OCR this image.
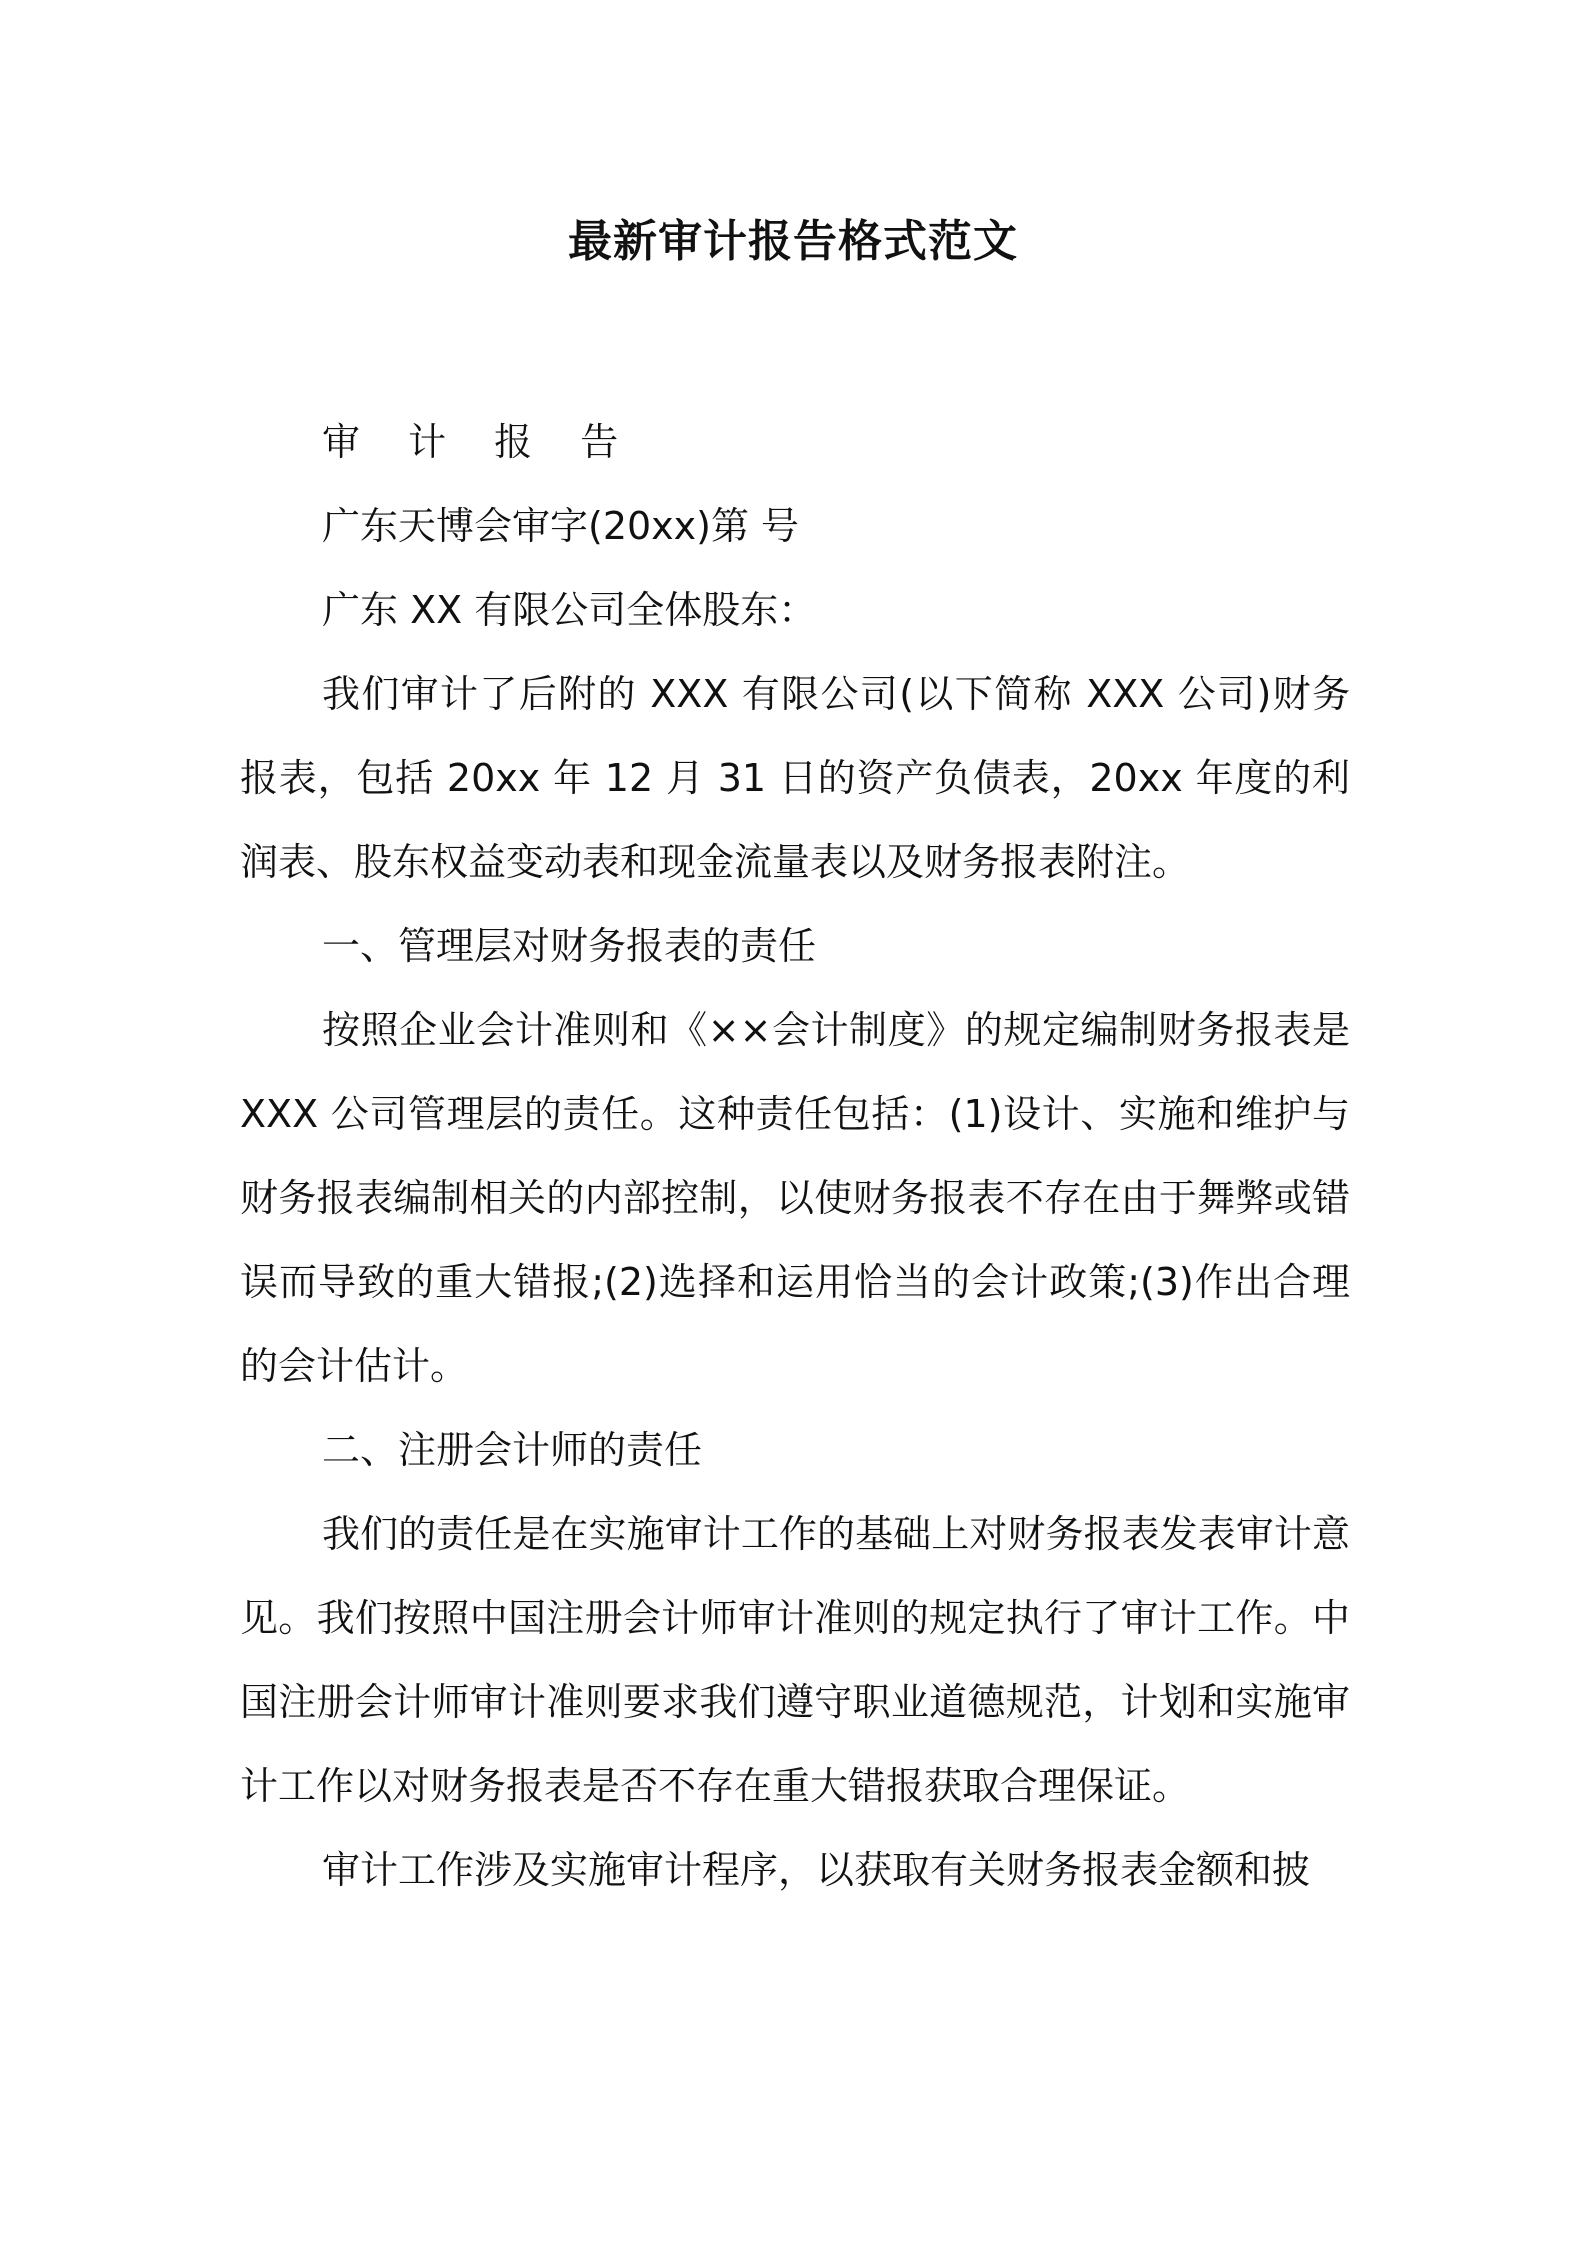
最新审计报告格式范文
审 计 报 告
广东天博会审字(20xx)第 号
广东 XX 有限公司全体股东：

我们审计了后附的 XXX 有限公司(以下简称 XXX 公司)财务报表，包括 20xx 年 12 月 31 日的资产负债表，20xx 年度的利润表、股东权益变动表和现金流量表以及财务报表附注。

一、管理层对财务报表的责任

按照企业会计准则和《××会计制度》的规定编制财务报表是 XXX 公司管理层的责任。这种责任包括：(1)设计、实施和维护与财务报表编制相关的内部控制，以使财务报表不存在由于舞弊或错误而导致的重大错报;(2)选择和运用恰当的会计政策;(3)作出合理的会计估计。

二、注册会计师的责任

我们的责任是在实施审计工作的基础上对财务报表发表审计意见。我们按照中国注册会计师审计准则的规定执行了审计工作。中国注册会计师审计准则要求我们遵守职业道德规范，计划和实施审计工作以对财务报表是否不存在重大错报获取合理保证。

审计工作涉及实施审计程序，以获取有关财务报表金额和披
